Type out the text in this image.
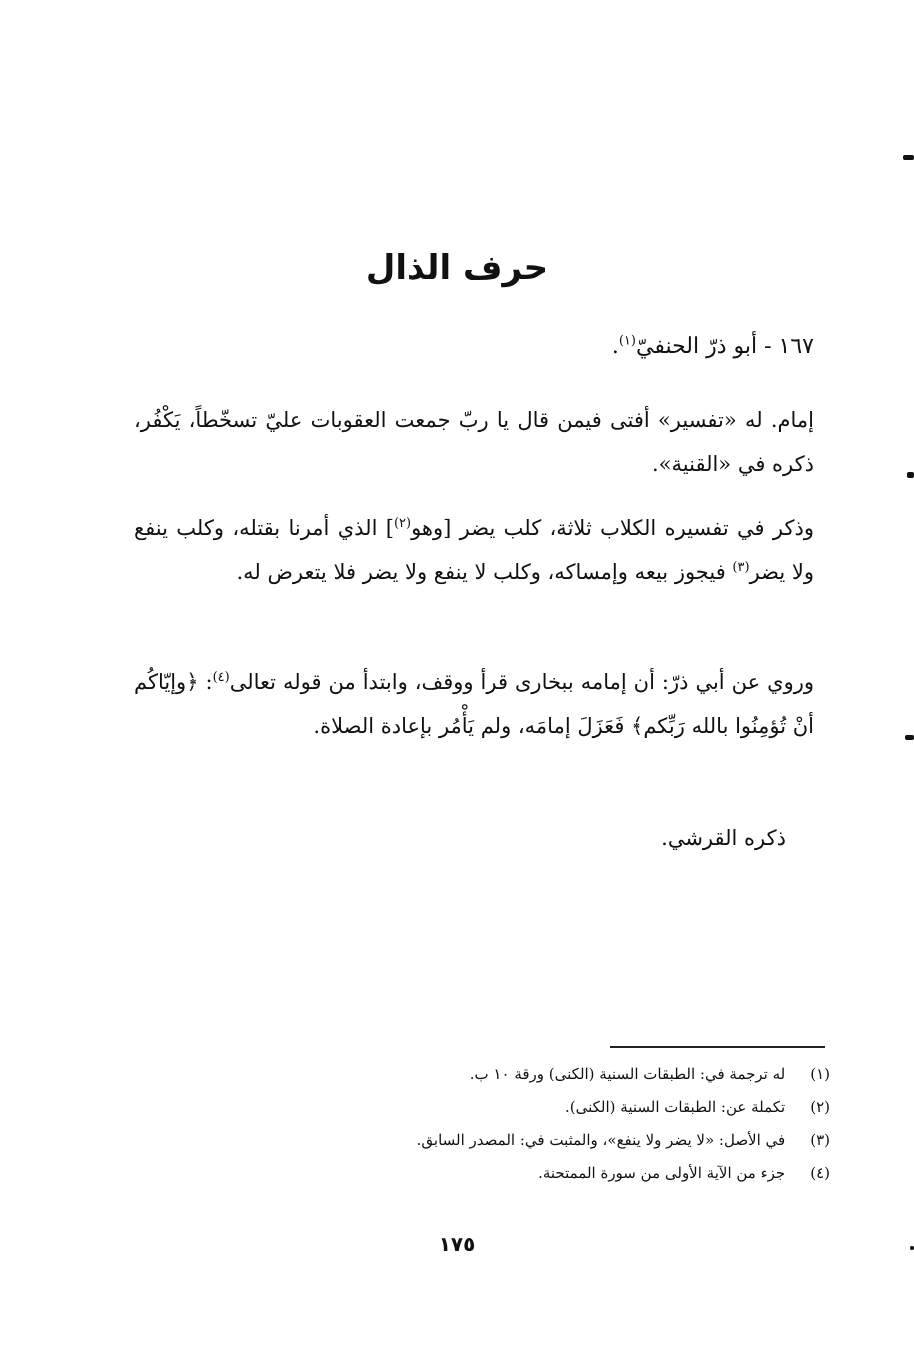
حرف الذال
١٦٧ - أبو ذرّ الحنفيّ$^{(١)}$.
إمام. له «تفسير» أفتى فيمن قال يا ربّ جمعت العقوبات عليّ تسخّطاً، يَكْفُر، ذكره في «القنية».
وذكر في تفسيره الكلاب ثلاثة، كلب يضر [وهو$^{(٢)}$] الذي أمرنا بقتله، وكلب ينفع ولا يضر$^{(٣)}$ فيجوز بيعه وإمساكه، وكلب لا ينفع ولا يضر فلا يتعرض له.
وروي عن أبي ذرّ: أن إمامه ببخارى قرأ ووقف، وابتدأ من قوله تعالى$^{(٤)}$: ﴿وإيّاكُم أنْ تُؤمِنُوا بالله رَبِّكم﴾ فَعَزَلَ إمامَه، ولم يَأْمُر بإعادة الصلاة.
ذكره القرشي.
(١) له ترجمة في: الطبقات السنية (الكنى) ورقة ١٠ ب.
(٢) تكملة عن: الطبقات السنية (الكنى).
(٣) في الأصل: «لا يضر ولا ينفع»، والمثبت في: المصدر السابق.
(٤) جزء من الآية الأولى من سورة الممتحنة.
١٧٥
